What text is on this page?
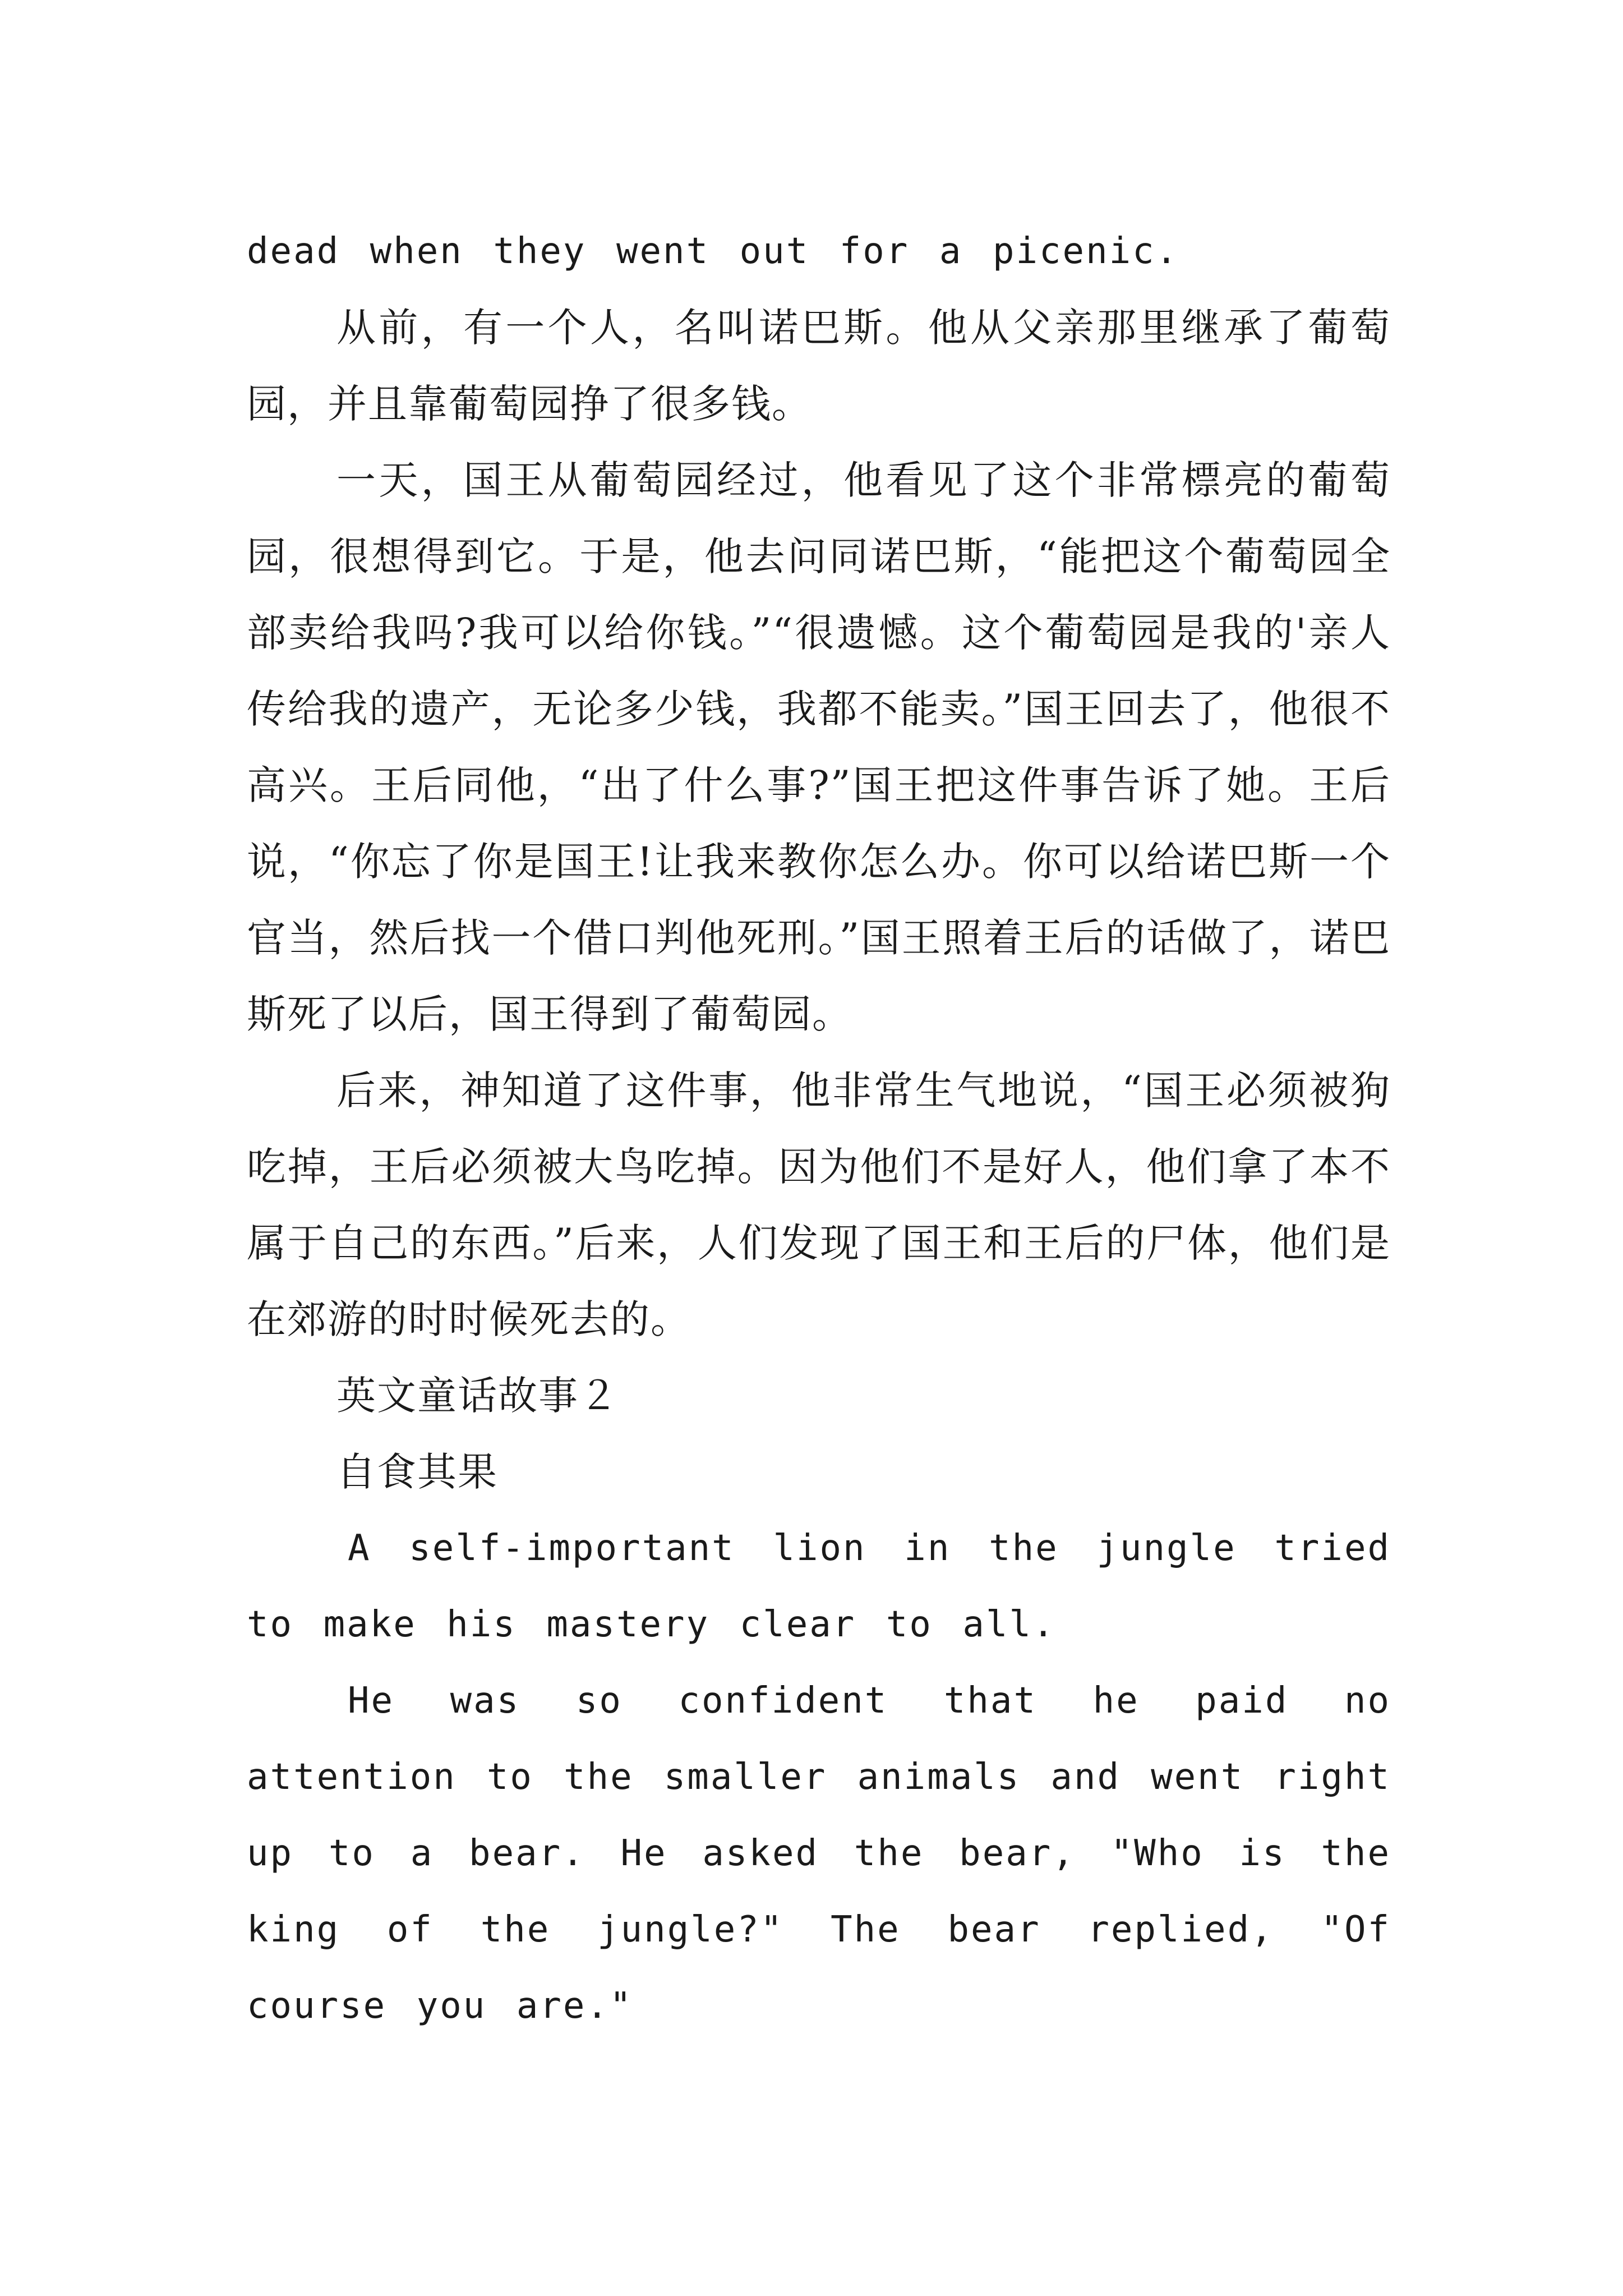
dead when they went out for a picenic.

从前，有一个人，名叫诺巴斯。他从父亲那里继承了葡萄园，并且靠葡萄园挣了很多钱。

一天，国王从葡萄园经过，他看见了这个非常標亮的葡萄园，很想得到它。于是，他去问同诺巴斯，“能把这个葡萄园全部卖给我吗?我可以给你钱。”“很遗憾。这个葡萄园是我的'亲人传给我的遗产，无论多少钱，我都不能卖。”国王回去了，他很不高兴。王后同他，“出了什么事?”国王把这件事告诉了她。王后说，“你忘了你是国王!让我来教你怎么办。你可以给诺巴斯一个官当，然后找一个借口判他死刑。”国王照着王后的话做了，诺巴斯死了以后，国王得到了葡萄园。

后来，神知道了这件事，他非常生气地说，“国王必须被狗吃掉，王后必须被大鸟吃掉。因为他们不是好人，他们拿了本不属于自己的东西。”后来，人们发现了国王和王后的尸体，他们是在郊游的时时候死去的。

英文童话故事２

自食其果

A self-important lion in the jungle tried to make his mastery clear to all.

He was so confident that he paid no attention to the smaller animals and went right up to a bear. He asked the bear, "Who is the king of the jungle?" The bear replied, "Of course you are."
